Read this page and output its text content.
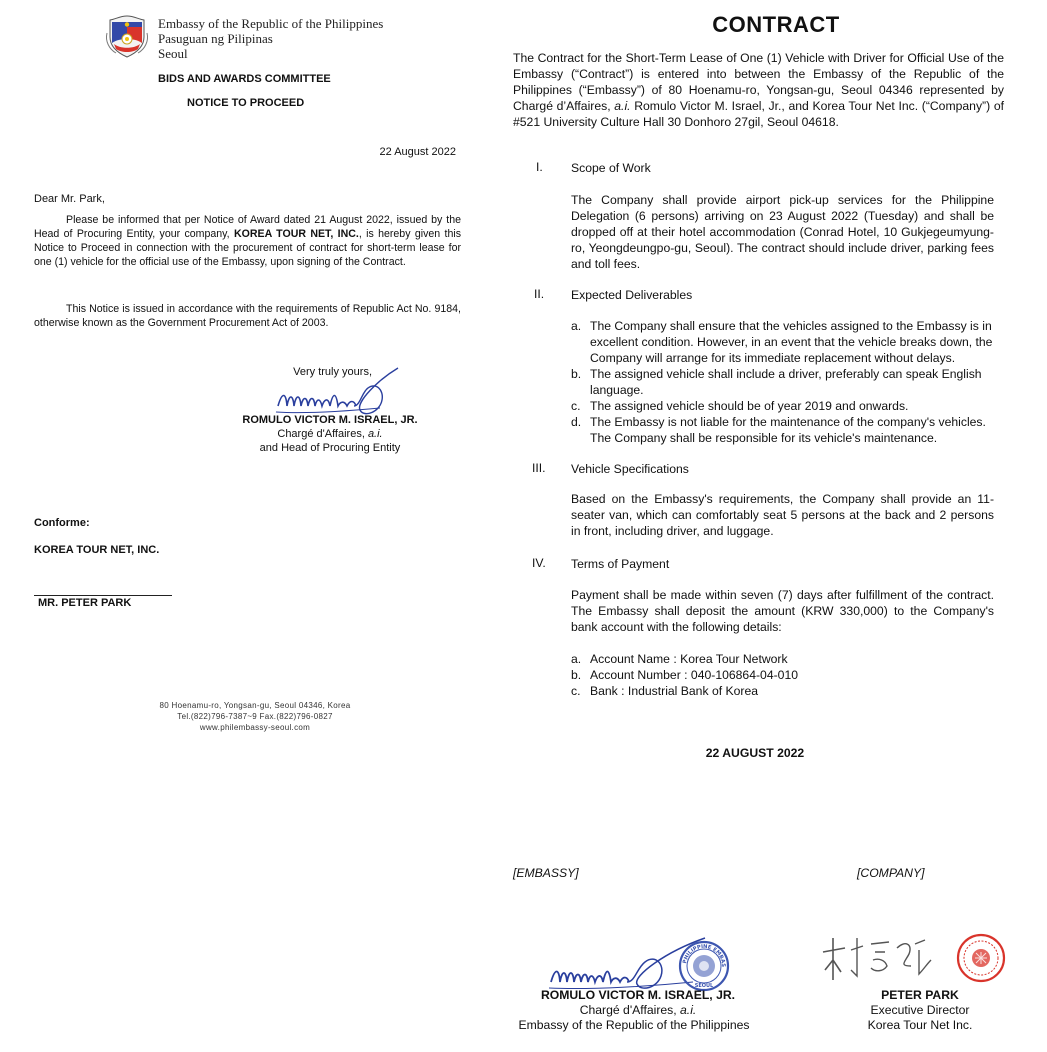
Embassy of the Republic of the Philippines
Pasuguan ng Pilipinas
Seoul
BIDS AND AWARDS COMMITTEE
NOTICE TO PROCEED
22 August 2022
Dear Mr. Park,
Please be informed that per Notice of Award dated 21 August 2022, issued by the Head of Procuring Entity, your company, KOREA TOUR NET, INC., is hereby given this Notice to Proceed in connection with the procurement of contract for short-term lease for one (1) vehicle for the official use of the Embassy, upon signing of the Contract.
This Notice is issued in accordance with the requirements of Republic Act No. 9184, otherwise known as the Government Procurement Act of 2003.
Very truly yours,
ROMULO VICTOR M. ISRAEL, JR.
Chargé d'Affaires, a.i.
and Head of Procuring Entity
Conforme:
KOREA TOUR NET, INC.
MR. PETER PARK
80 Hoenamu-ro, Yongsan-gu, Seoul 04346, Korea
Tel.(822)796-7387~9 Fax.(822)796-0827
www.philembassy-seoul.com
CONTRACT
The Contract for the Short-Term Lease of One (1) Vehicle with Driver for Official Use of the Embassy (“Contract”) is entered into between the Embassy of the Republic of the Philippines (“Embassy”) of 80 Hoenamu-ro, Yongsan-gu, Seoul 04346 represented by Chargé d’Affaires, a.i. Romulo Victor M. Israel, Jr., and Korea Tour Net Inc. (“Company”) of #521 University Culture Hall 30 Donhoro 27gil, Seoul 04618.
I. Scope of Work
The Company shall provide airport pick-up services for the Philippine Delegation (6 persons) arriving on 23 August 2022 (Tuesday) and shall be dropped off at their hotel accommodation (Conrad Hotel, 10 Gukjegeumyung-ro, Yeongdeungpo-gu, Seoul). The contract should include driver, parking fees and toll fees.
II. Expected Deliverables
a. The Company shall ensure that the vehicles assigned to the Embassy is in excellent condition. However, in an event that the vehicle breaks down, the Company will arrange for its immediate replacement without delays.
b. The assigned vehicle shall include a driver, preferably can speak English language.
c. The assigned vehicle should be of year 2019 and onwards.
d. The Embassy is not liable for the maintenance of the company's vehicles. The Company shall be responsible for its vehicle's maintenance.
III. Vehicle Specifications
Based on the Embassy's requirements, the Company shall provide an 11-seater van, which can comfortably seat 5 persons at the back and 2 persons in front, including driver, and luggage.
IV. Terms of Payment
Payment shall be made within seven (7) days after fulfillment of the contract. The Embassy shall deposit the amount (KRW 330,000) to the Company's bank account with the following details:
a. Account Name : Korea Tour Network
b. Account Number : 040-106864-04-010
c. Bank : Industrial Bank of Korea
22 AUGUST 2022
[EMBASSY]	[COMPANY]
PHILIPPINE EMBAS
SEOUL
ROMULO VICTOR M. ISRAEL, JR.
Chargé d'Affaires, a.i.
Embassy of the Republic of the Philippines
PETER PARK
Executive Director
Korea Tour Net Inc.
